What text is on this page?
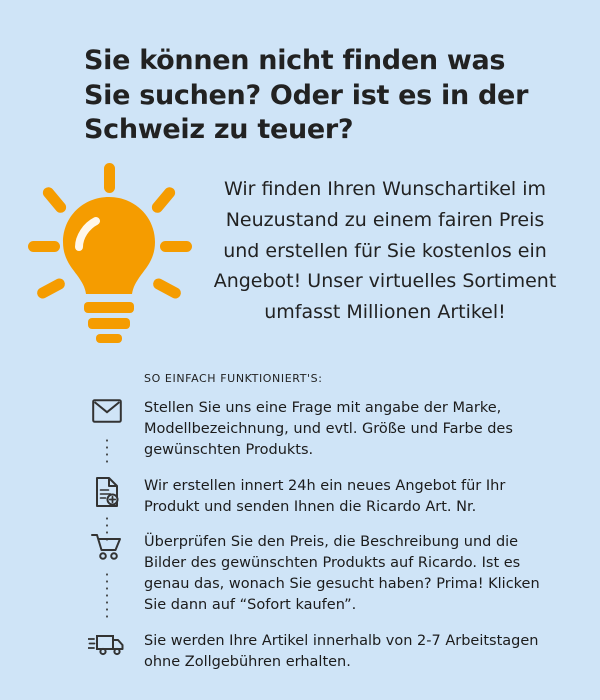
Sie können nicht finden was Sie suchen? Oder ist es in der Schweiz zu teuer?

Wir finden Ihren Wunschartikel im Neuzustand zu einem fairen Preis und erstellen für Sie kostenlos ein Angebot! Unser virtuelles Sortiment umfasst Millionen Artikel!

SO EINFACH FUNKTIONIERT'S:
Stellen Sie uns eine Frage mit angabe der Marke, Modellbezeichnung, und evtl. Größe und Farbe des gewünschten Produkts.
Wir erstellen innert 24h ein neues Angebot für Ihr Produkt und senden Ihnen die Ricardo Art. Nr.
Überprüfen Sie den Preis, die Beschreibung und die Bilder des gewünschten Produkts auf Ricardo. Ist es genau das, wonach Sie gesucht haben? Prima! Klicken Sie dann auf “Sofort kaufen”.
Sie werden Ihre Artikel innerhalb von 2-7 Arbeitstagen ohne Zollgebühren erhalten.
